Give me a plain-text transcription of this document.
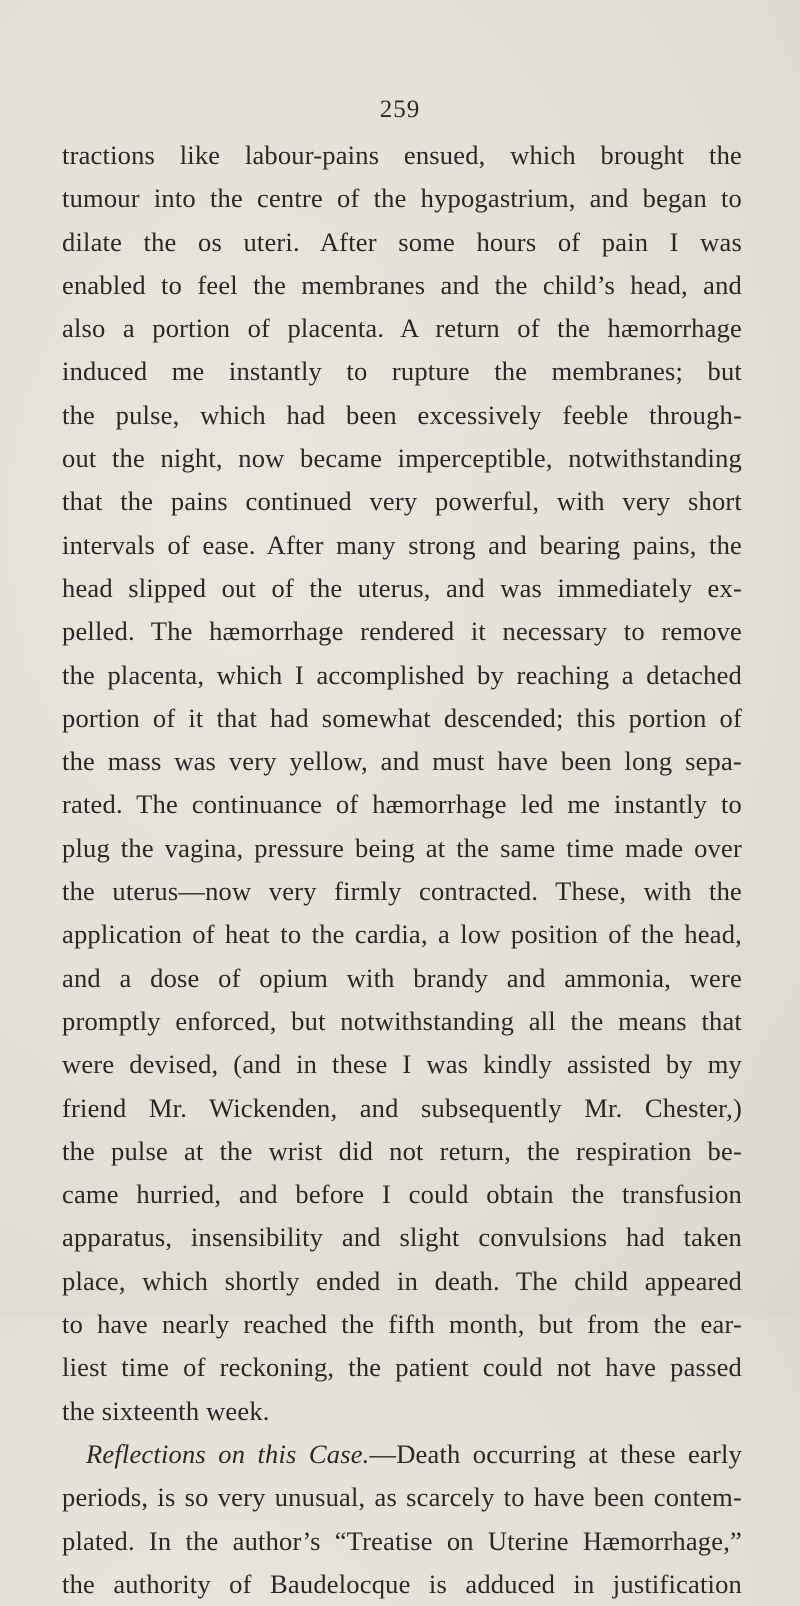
259
tractions like labour-pains ensued, which brought the
tumour into the centre of the hypogastrium, and began to
dilate the os uteri. After some hours of pain I was
enabled to feel the membranes and the child’s head, and
also a portion of placenta. A return of the hæmorrhage
induced me instantly to rupture the membranes; but
the pulse, which had been excessively feeble through-
out the night, now became imperceptible, notwithstanding
that the pains continued very powerful, with very short
intervals of ease. After many strong and bearing pains, the
head slipped out of the uterus, and was immediately ex-
pelled. The hæmorrhage rendered it necessary to remove
the placenta, which I accomplished by reaching a detached
portion of it that had somewhat descended; this portion of
the mass was very yellow, and must have been long sepa-
rated. The continuance of hæmorrhage led me instantly to
plug the vagina, pressure being at the same time made over
the uterus—now very firmly contracted. These, with the
application of heat to the cardia, a low position of the head,
and a dose of opium with brandy and ammonia, were
promptly enforced, but notwithstanding all the means that
were devised, (and in these I was kindly assisted by my
friend Mr. Wickenden, and subsequently Mr. Chester,)
the pulse at the wrist did not return, the respiration be-
came hurried, and before I could obtain the transfusion
apparatus, insensibility and slight convulsions had taken
place, which shortly ended in death. The child appeared
to have nearly reached the fifth month, but from the ear-
liest time of reckoning, the patient could not have passed
the sixteenth week.
Reflections on this Case.—Death occurring at these early
periods, is so very unusual, as scarcely to have been contem-
plated. In the author’s “Treatise on Uterine Hæmorrhage,”
the authority of Baudelocque is adduced in justification
